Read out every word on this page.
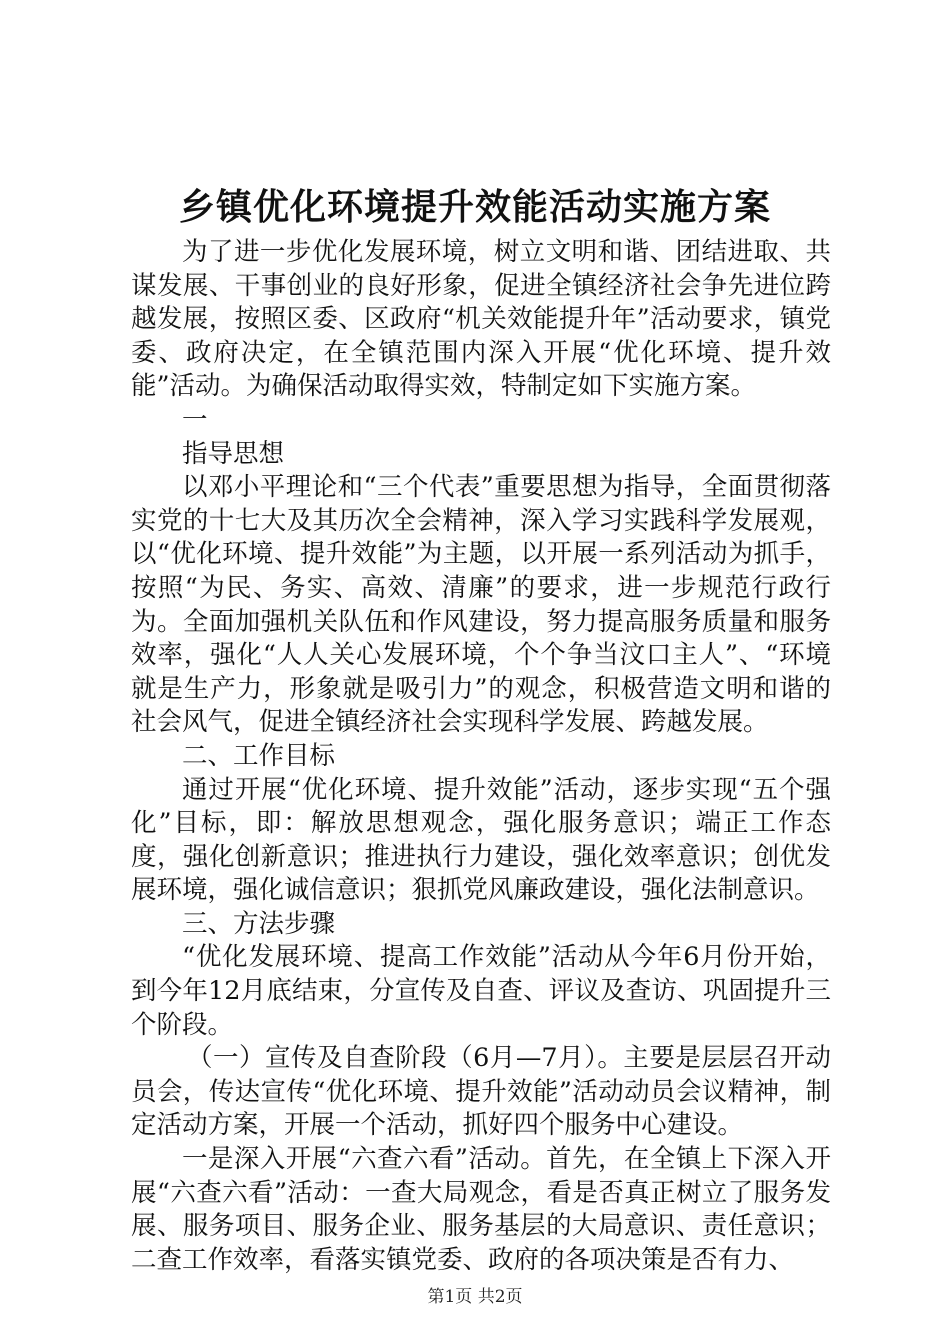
乡镇优化环境提升效能活动实施方案

为了进一步优化发展环境，树立文明和谐、团结进取、共谋发展、干事创业的良好形象，促进全镇经济社会争先进位跨越发展，按照区委、区政府“机关效能提升年”活动要求，镇党委、政府决定，在全镇范围内深入开展“优化环境、提升效能”活动。为确保活动取得实效，特制定如下实施方案。

一

指导思想

以邓小平理论和“三个代表”重要思想为指导，全面贯彻落实党的十七大及其历次全会精神，深入学习实践科学发展观，以“优化环境、提升效能”为主题，以开展一系列活动为抓手，按照“为民、务实、高效、清廉”的要求，进一步规范行政行为。全面加强机关队伍和作风建设，努力提高服务质量和服务效率，强化“人人关心发展环境，个个争当汶口主人”、“环境就是生产力，形象就是吸引力”的观念，积极营造文明和谐的社会风气，促进全镇经济社会实现科学发展、跨越发展。

二、工作目标

通过开展“优化环境、提升效能”活动，逐步实现“五个强化”目标，即：解放思想观念，强化服务意识；端正工作态度，强化创新意识；推进执行力建设，强化效率意识；创优发展环境，强化诚信意识；狠抓党风廉政建设，强化法制意识。

三、方法步骤

“优化发展环境、提高工作效能”活动从今年6月份开始，到今年12月底结束，分宣传及自查、评议及查访、巩固提升三个阶段。

（一）宣传及自查阶段（6月—7月）。主要是层层召开动员会，传达宣传“优化环境、提升效能”活动动员会议精神，制定活动方案，开展一个活动，抓好四个服务中心建设。

一是深入开展“六查六看”活动。首先，在全镇上下深入开展“六查六看”活动：一查大局观念，看是否真正树立了服务发展、服务项目、服务企业、服务基层的大局意识、责任意识；二查工作效率，看落实镇党委、政府的各项决策是否有力、

第1页 共2页
